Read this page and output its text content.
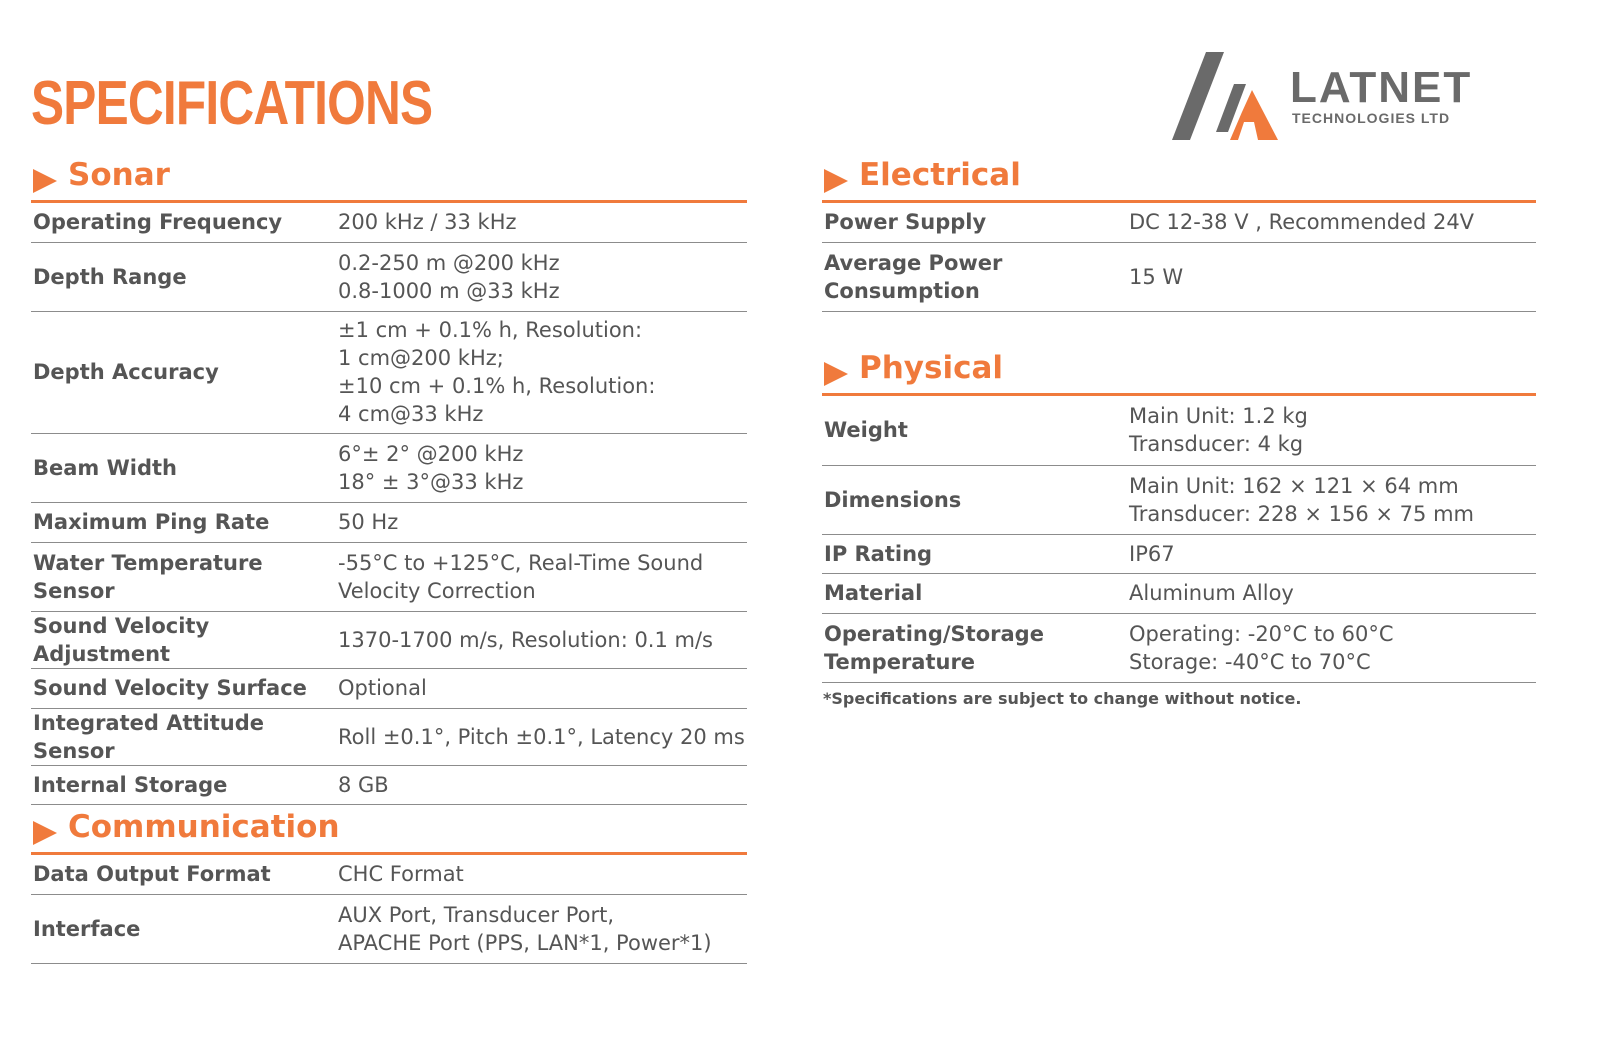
SPECIFICATIONS	LATNET
TECHNOLOGIES LTD
Sonar
Operating Frequency	200 kHz / 33 kHz
Depth Range	0.2-250 m @200 kHz
0.8-1000 m @33 kHz
Depth Accuracy	±1 cm + 0.1% h, Resolution:
1 cm@200 kHz;
±10 cm + 0.1% h, Resolution:
4 cm@33 kHz
Beam Width	6°± 2° @200 kHz
18° ± 3°@33 kHz
Maximum Ping Rate	50 Hz
Water Temperature
Sensor	-55°C to +125°C, Real-Time Sound
Velocity Correction
Sound Velocity Adjustment	1370-1700 m/s, Resolution: 0.1 m/s
Sound Velocity Surface	Optional
Integrated Attitude Sensor	Roll ±0.1°, Pitch ±0.1°, Latency 20 ms
Internal Storage	8 GB
Communication
Data Output Format	CHC Format
Interface	AUX Port, Transducer Port,
APACHE Port (PPS, LAN*1, Power*1)
Electrical
Power Supply	DC 12-38 V , Recommended 24V
Average Power
Consumption	15 W
Physical
Weight	Main Unit: 1.2 kg
Transducer: 4 kg
Dimensions	Main Unit: 162 × 121 × 64 mm
Transducer: 228 × 156 × 75 mm
IP Rating	IP67
Material	Aluminum Alloy
Operating/Storage
Temperature	Operating: -20°C to 60°C
Storage: -40°C to 70°C
*Specifications are subject to change without notice.
